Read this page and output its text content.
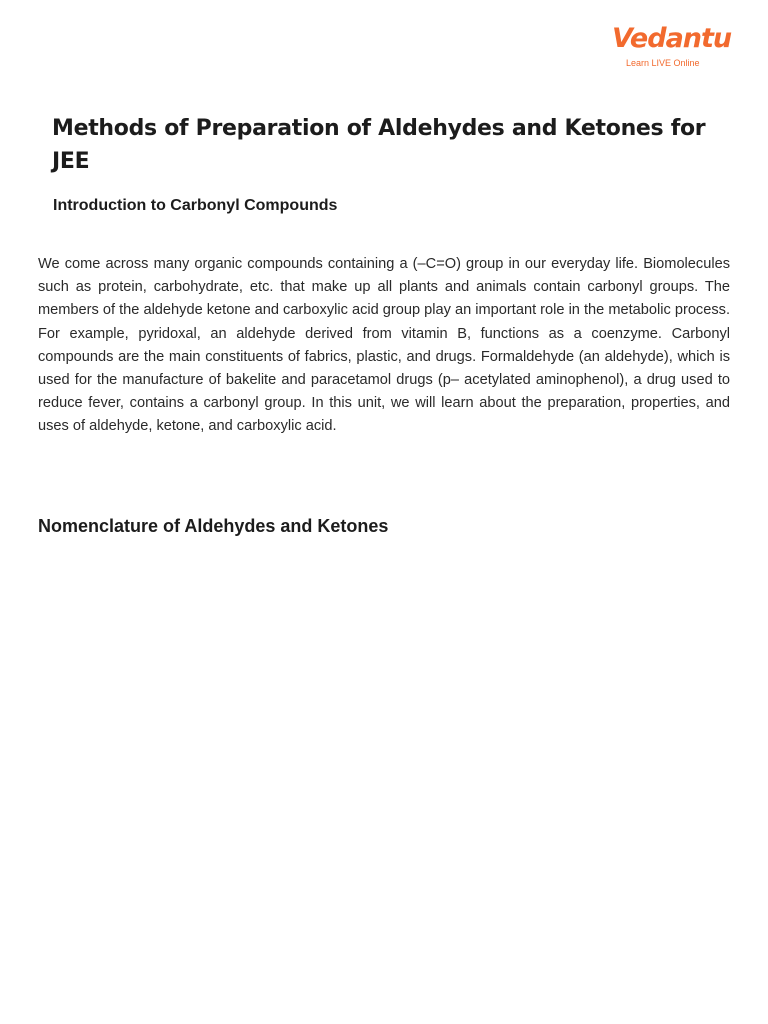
Vedantu
Learn LIVE Online
Methods of Preparation of Aldehydes and Ketones for JEE
Introduction to Carbonyl Compounds

We come across many organic compounds containing a (–C=O) group in our everyday life. Biomolecules such as protein, carbohydrate, etc. that make up all plants and animals contain carbonyl groups. The members of the aldehyde ketone and carboxylic acid group play an important role in the metabolic process. For example, pyridoxal, an aldehyde derived from vitamin B, functions as a coenzyme. Carbonyl compounds are the main constituents of fabrics, plastic, and drugs. Formaldehyde (an aldehyde), which is used for the manufacture of bakelite and paracetamol drugs (p– acetylated aminophenol), a drug used to reduce fever, contains a carbonyl group. In this unit, we will learn about the preparation, properties, and uses of aldehyde, ketone, and carboxylic acid.

Nomenclature of Aldehydes and Ketones
